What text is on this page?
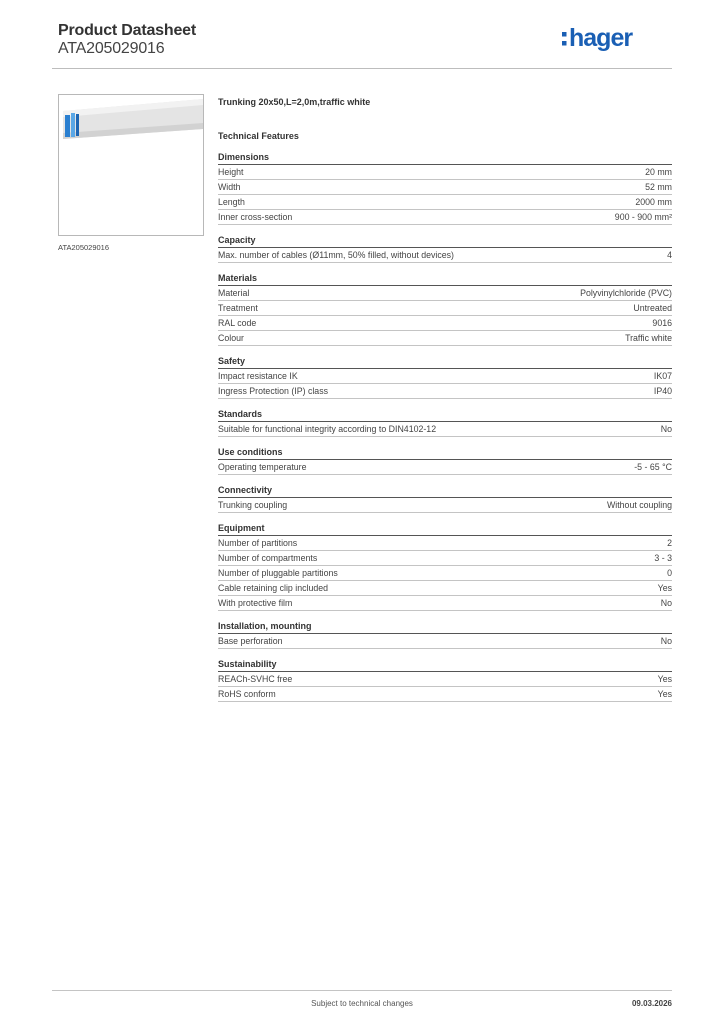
Product Datasheet
ATA205029016	hager
ATA205029016
Trunking 20x50,L=2,0m,traffic white
Technical Features
Dimensions
Height	20 mm
Width	52 mm
Length	2000 mm
Inner cross-section	900 - 900 mm²
Capacity
Max. number of cables (Ø11mm, 50% filled, without devices)	4
Materials
Material	Polyvinylchloride (PVC)
Treatment	Untreated
RAL code	9016
Colour	Traffic white
Safety
Impact resistance IK	IK07
Ingress Protection (IP) class	IP40
Standards
Suitable for functional integrity according to DIN4102-12	No
Use conditions
Operating temperature	-5 - 65 °C
Connectivity
Trunking coupling	Without coupling
Equipment
Number of partitions	2
Number of compartments	3 - 3
Number of pluggable partitions	0
Cable retaining clip included	Yes
With protective film	No
Installation, mounting
Base perforation	No
Sustainability
REACh-SVHC free	Yes
RoHS conform	Yes
Subject to technical changes	09.03.2026
